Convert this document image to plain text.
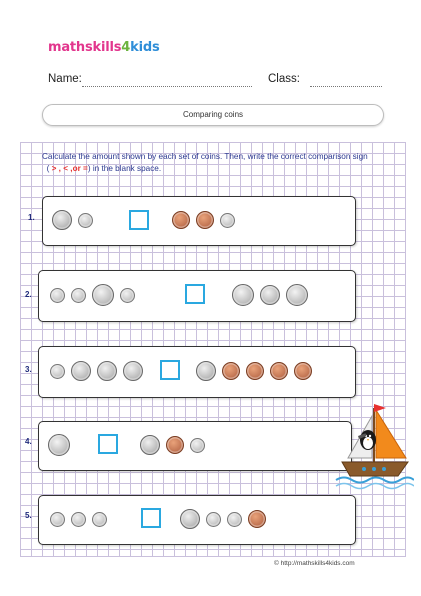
mathskills4kids
Name:	Class:
Comparing coins
Calculate the amount shown by each set of coins. Then, write the correct comparison sign
( > , < ,or =) in the blank space.
1.
2.
3.
4.
5.
© http://mathskills4kids.com
